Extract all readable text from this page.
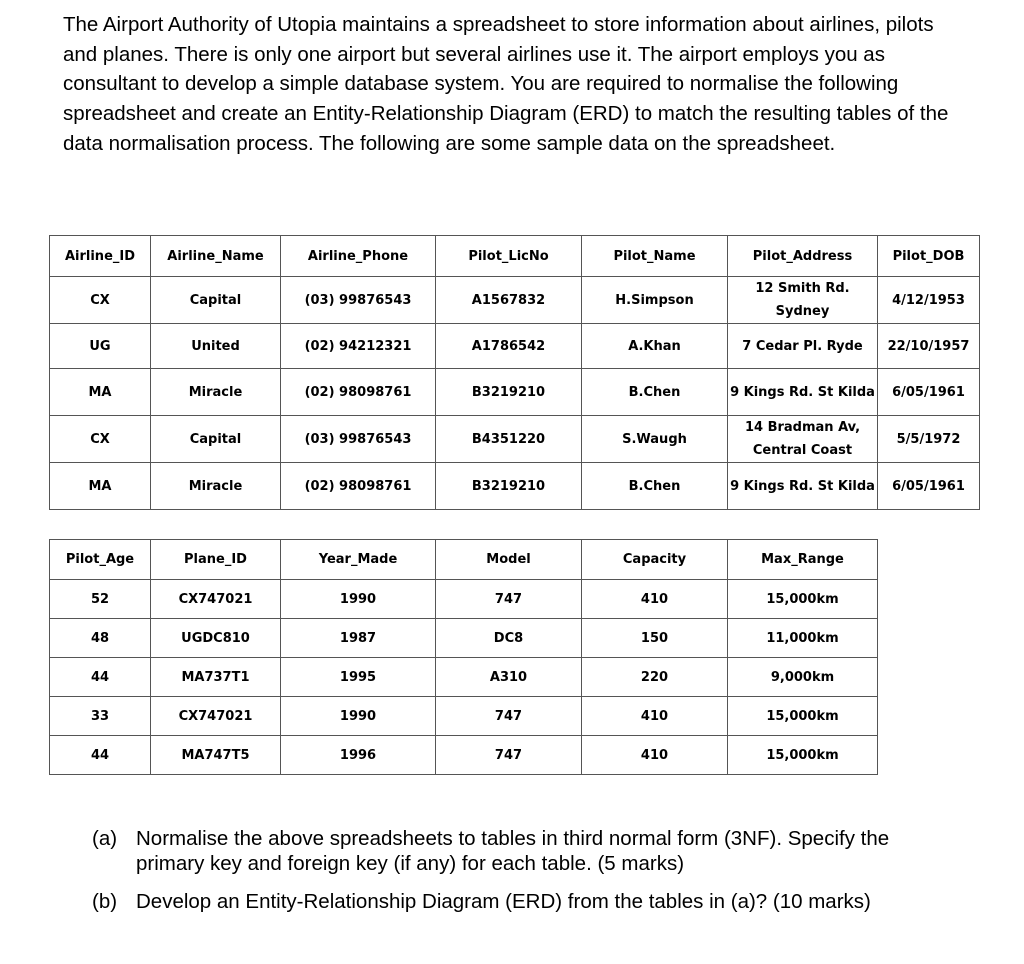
The Airport Authority of Utopia maintains a spreadsheet to store information about airlines, pilots and planes. There is only one airport but several airlines use it. The airport employs you as consultant to develop a simple database system. You are required to normalise the following spreadsheet and create an Entity-Relationship Diagram (ERD) to match the resulting tables of the data normalisation process. The following are some sample data on the spreadsheet.

Airline_ID	Airline_Name	Airline_Phone	Pilot_LicNo	Pilot_Name	Pilot_Address	Pilot_DOB
CX	Capital	(03) 99876543	A1567832	H.Simpson	12 Smith Rd. Sydney	4/12/1953
UG	United	(02) 94212321	A1786542	A.Khan	7 Cedar Pl. Ryde	22/10/1957
MA	Miracle	(02) 98098761	B3219210	B.Chen	9 Kings Rd. St Kilda	6/05/1961
CX	Capital	(03) 99876543	B4351220	S.Waugh	14 Bradman Av, Central Coast	5/5/1972
MA	Miracle	(02) 98098761	B3219210	B.Chen	9 Kings Rd. St Kilda	6/05/1961
Pilot_Age	Plane_ID	Year_Made	Model	Capacity	Max_Range
52	CX747021	1990	747	410	15,000km
48	UGDC810	1987	DC8	150	11,000km
44	MA737T1	1995	A310	220	9,000km
33	CX747021	1990	747	410	15,000km
44	MA747T5	1996	747	410	15,000km
(a) Normalise the above spreadsheets to tables in third normal form (3NF). Specify the primary key and foreign key (if any) for each table. (5 marks)
(b) Develop an Entity-Relationship Diagram (ERD) from the tables in (a)? (10 marks)
